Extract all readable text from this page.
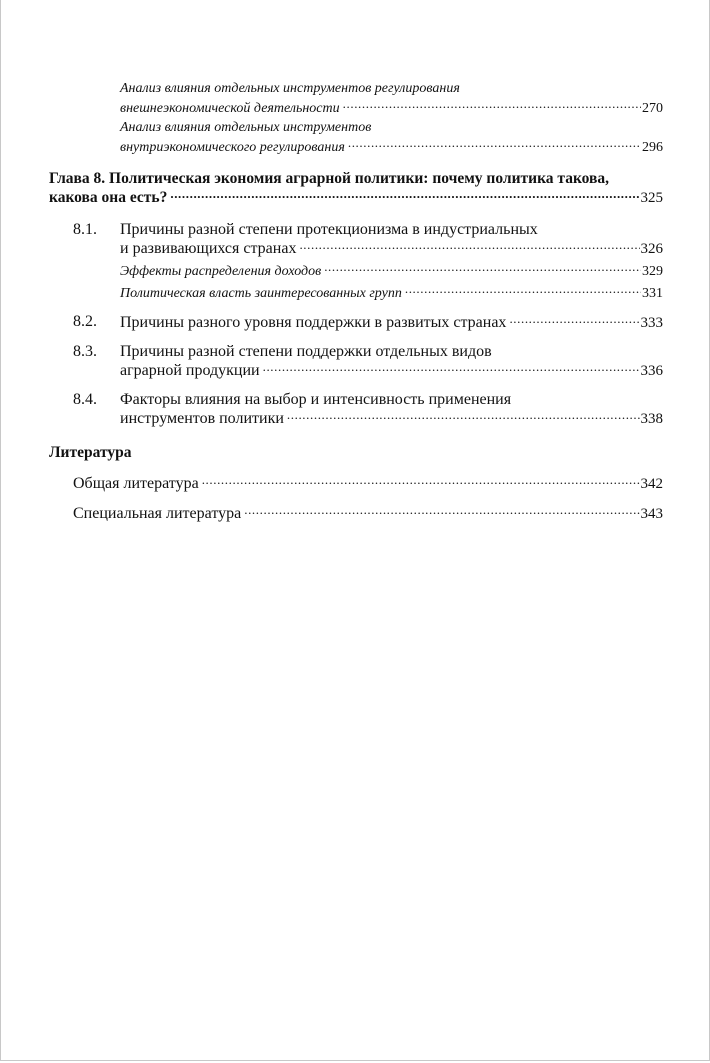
Анализ влияния отдельных инструментов регулирования
внешнеэкономической деятельности .....	270
Анализ влияния отдельных инструментов
внутриэкономического регулирования .....	296
Глава 8. Политическая экономия аграрной политики: почему политика такова,
какова она есть? .....	325
8.1. Причины разной степени протекционизма в индустриальных
и развивающихся странах .....	326
Эффекты распределения доходов .....	329
Политическая власть заинтересованных групп .....	331
8.2. Причины разного уровня поддержки в развитых странах .....	333
8.3. Причины разной степени поддержки отдельных видов
аграрной продукции .....	336
8.4. Факторы влияния на выбор и интенсивность применения
инструментов политики .....	338
Литература
Общая литература .....	342
Специальная литература .....	343
